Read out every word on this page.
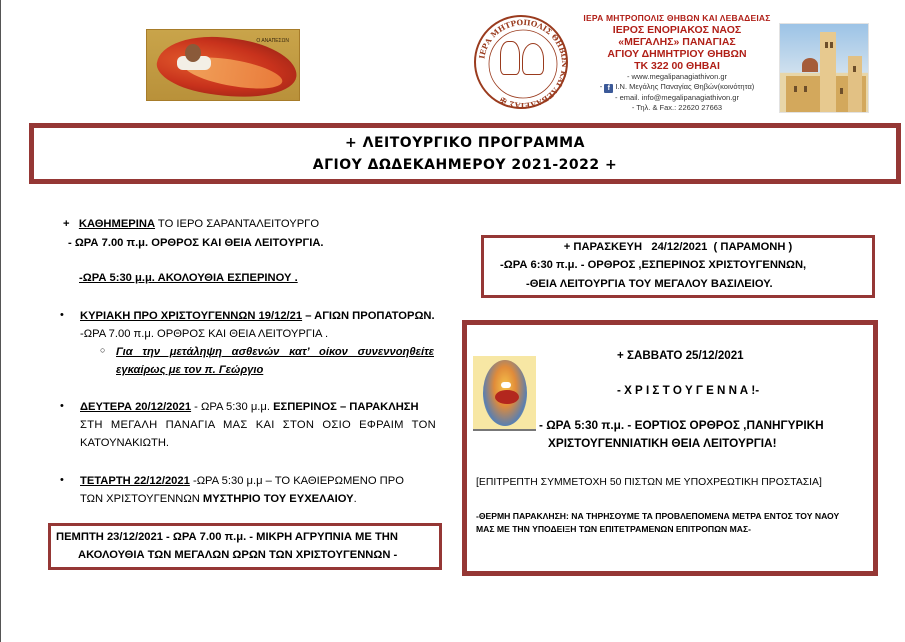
Ο ΑΝΑΠΕΣΩΝ
ΙΕΡΑ ΜΗΤΡΟΠΟΛΙΣ ΘΗΒΩΝ ΚΑΙ ΛΕΒΑΔΕΙΑΣ ✠
ΙΕΡΑ ΜΗΤΡΟΠΟΛΙΣ ΘΗΒΩΝ ΚΑΙ ΛΕΒΑΔΕΙΑΣ
ΙΕΡΟΣ ΕΝΟΡΙΑΚΟΣ ΝΑΟΣ
«ΜΕΓΑΛΗΣ» ΠΑΝΑΓΙΑΣ
ΑΓΙΟΥ ΔΗΜΗΤΡΙΟΥ ΘΗΒΩΝ
ΤΚ 322 00 ΘΗΒΑΙ
- www.megalipanagiathivon.gr
- f Ι.Ν. Μεγάλης Παναγίας Θηβών(κοινότητα)
- email. info@megalipanagiathivon.gr
- Τηλ. & Fax.: 22620 27663
+ ΛΕΙΤΟΥΡΓΙΚΟ ΠΡΟΓΡΑΜΜΑ
ΑΓΙΟΥ ΔΩΔΕΚΑΗΜΕΡΟΥ 2021-2022 +
+ ΚΑΘΗΜΕΡΙΝΑ ΤΟ ΙΕΡΟ ΣΑΡΑΝΤΑΛΕΙΤΟΥΡΓΟ
- ΩΡΑ 7.00 π.μ. ΟΡΘΡΟΣ ΚΑΙ ΘΕΙΑ ΛΕΙΤΟΥΡΓΙΑ.
-ΩΡΑ 5:30 μ.μ. ΑΚΟΛΟΥΘΙΑ ΕΣΠΕΡΙΝΟΥ .
• ΚΥΡΙΑΚΗ ΠΡΟ ΧΡΙΣΤΟΥΓΕΝΝΩΝ 19/12/21 – ΑΓΙΩΝ ΠΡΟΠΑΤΟΡΩΝ.
-ΩΡΑ 7.00 π.μ. ΟΡΘΡΟΣ ΚΑΙ ΘΕΙΑ ΛΕΙΤΟΥΡΓΙΑ .
○ Για την μετάληψη ασθενών κατ’ οίκον συνεννοηθείτε
εγκαίρως με τον π. Γεώργιο
• ΔΕΥΤΕΡΑ 20/12/2021 - ΩΡΑ 5:30 μ.μ. ΕΣΠΕΡΙΝΟΣ – ΠΑΡΑΚΛΗΣΗ
ΣΤΗ ΜΕΓΑΛΗ ΠΑΝΑΓΙΑ ΜΑΣ ΚΑΙ ΣΤΟΝ ΟΣΙΟ ΕΦΡΑΙΜ ΤΟΝ
ΚΑΤΟΥΝΑΚΙΩΤΗ.
• ΤΕΤΑΡΤΗ 22/12/2021 -ΩΡΑ 5:30 μ.μ – ΤΟ ΚΑΘΙΕΡΩΜΕΝΟ ΠΡΟ
ΤΩΝ ΧΡΙΣΤΟΥΓΕΝΝΩΝ ΜΥΣΤΗΡΙΟ ΤΟΥ ΕΥΧΕΛΑΙΟΥ.
ΠΕΜΠΤΗ 23/12/2021 - ΩΡΑ 7.00 π.μ. - ΜΙΚΡΗ ΑΓΡΥΠΝΙΑ ΜΕ ΤΗΝ
ΑΚΟΛΟΥΘΙΑ ΤΩΝ ΜΕΓΑΛΩΝ ΩΡΩΝ ΤΩΝ ΧΡΙΣΤΟΥΓΕΝΝΩΝ -
+ ΠΑΡΑΣΚΕΥΗ   24/12/2021  ( ΠΑΡΑΜΟΝΗ )
-ΩΡΑ 6:30 π.μ. - ΟΡΘΡΟΣ ,ΕΣΠΕΡΙΝΟΣ ΧΡΙΣΤΟΥΓΕΝΝΩΝ,
-ΘΕΙΑ ΛΕΙΤΟΥΡΓΙΑ ΤΟΥ ΜΕΓΑΛΟΥ ΒΑΣΙΛΕΙΟΥ.
+ ΣΑΒΒΑΤΟ 25/12/2021
- Χ Ρ Ι Σ Τ Ο Υ Γ Ε Ν Ν Α !-
- ΩΡΑ 5:30 π.μ. - ΕΟΡΤΙΟΣ ΟΡΘΡΟΣ ,ΠΑΝΗΓΥΡΙΚΗ
ΧΡΙΣΤΟΥΓΕΝΝΙΑΤΙΚΗ ΘΕΙΑ ΛΕΙΤΟΥΡΓΙΑ!
[ΕΠΙΤΡΕΠΤΗ ΣΥΜΜΕΤΟΧΗ 50 ΠΙΣΤΩΝ ΜΕ ΥΠΟΧΡΕΩΤΙΚΗ ΠΡΟΣΤΑΣΙΑ]
-ΘΕΡΜΗ ΠΑΡΑΚΛΗΣΗ: ΝΑ ΤΗΡΗΣΟΥΜΕ ΤΑ ΠΡΟΒΛΕΠΟΜΕΝΑ ΜΕΤΡΑ ΕΝΤΟΣ ΤΟΥ ΝΑΟΥ
ΜΑΣ ΜΕ ΤΗΝ ΥΠΟΔΕΙΞΗ ΤΩΝ ΕΠΙΤΕΤΡΑΜΕΝΩΝ ΕΠΙΤΡΟΠΩΝ ΜΑΣ-
